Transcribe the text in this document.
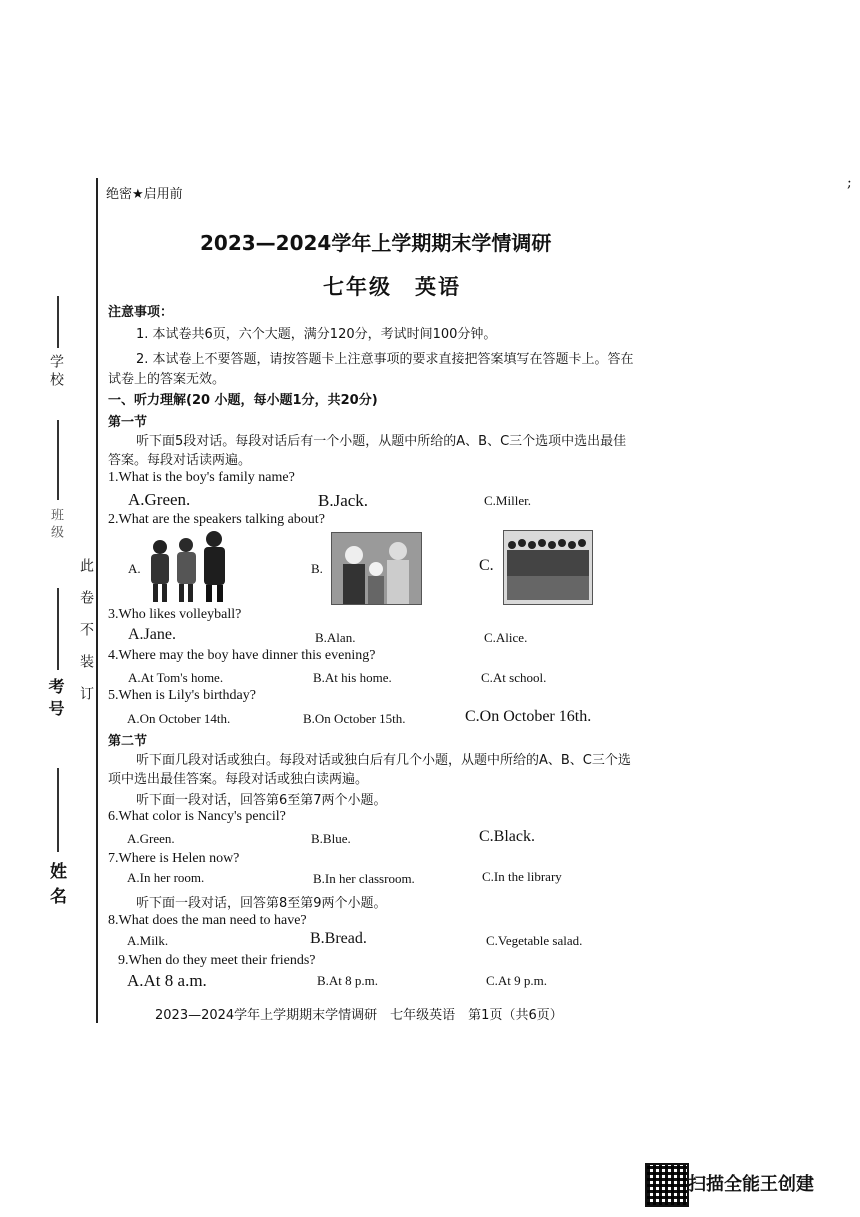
学校
班级
考号
姓名
此卷不装订
绝密★启用前
;
2023—2024学年上学期期末学情调研
七年级　英语
注意事项：
1. 本试卷共6页，六个大题，满分120分，考试时间100分钟。
2. 本试卷上不要答题，请按答题卡上注意事项的要求直接把答案填写在答题卡上。答在
试卷上的答案无效。
一、听力理解(20 小题，每小题1分，共20分)
第一节
听下面5段对话。每段对话后有一个小题，从题中所给的A、B、C三个选项中选出最佳
答案。每段对话读两遍。
1.What is the boy's family name?
A.Green.	B.Jack.	C.Miller.
2.What are the speakers talking about?
A.	B.	C.
3.Who likes volleyball?
A.Jane.	B.Alan.	C.Alice.
4.Where may the boy have dinner this evening?
A.At Tom's home.	B.At his home.	C.At school.
5.When is Lily's birthday?
A.On October 14th.	B.On October 15th.	C.On October 16th.
第二节
听下面几段对话或独白。每段对话或独白后有几个小题，从题中所给的A、B、C三个选
项中选出最佳答案。每段对话或独白读两遍。
听下面一段对话，回答第6至第7两个小题。
6.What color is Nancy's pencil?
A.Green.	B.Blue.	C.Black.
7.Where is Helen now?
A.In her room.	B.In her classroom.	C.In the library
听下面一段对话，回答第8至第9两个小题。
8.What does the man need to have?
A.Milk.	B.Bread.	C.Vegetable salad.
9.When do they meet their friends?
A.At 8 a.m.	B.At 8 p.m.	C.At 9 p.m.
2023—2024学年上学期期末学情调研　七年级英语　第1页（共6页）
扫描全能王创建
